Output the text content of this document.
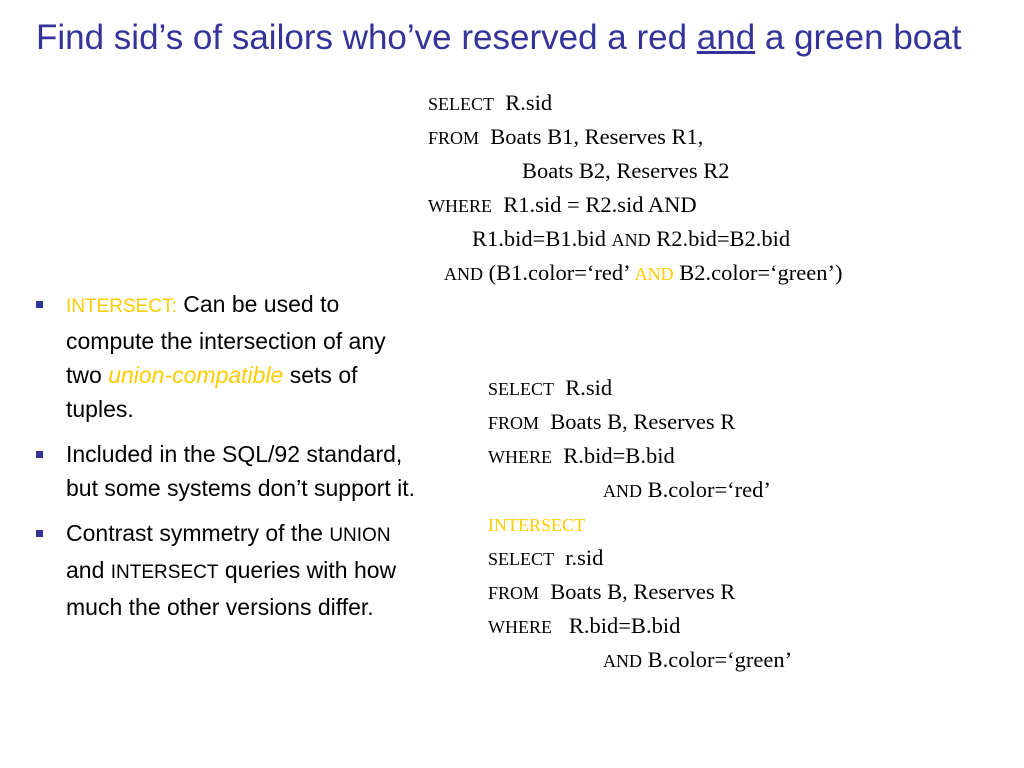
Find sid’s of sailors who’ve reserved a red and a green boat
SELECT  R.sid
FROM  Boats B1, Reserves R1,
Boats B2, Reserves R2
WHERE  R1.sid = R2.sid AND
R1.bid=B1.bid AND R2.bid=B2.bid
AND (B1.color=‘red’ AND B2.color=‘green’)
INTERSECT: Can be used to compute the intersection of any two union-compatible sets of tuples.
Included in the SQL/92 standard, but some systems don’t support it.
Contrast symmetry of the UNION and INTERSECT queries with how much the other versions differ.
SELECT  R.sid
FROM  Boats B, Reserves R
WHERE  R.bid=B.bid
AND B.color=‘red’
INTERSECT
SELECT  r.sid
FROM  Boats B, Reserves R
WHERE   R.bid=B.bid
AND B.color=‘green’
